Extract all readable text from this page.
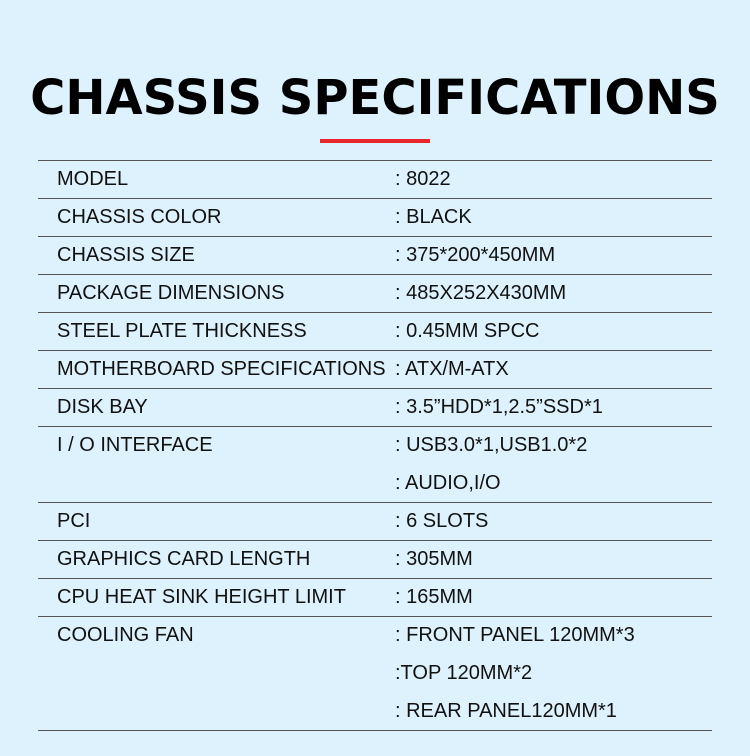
CHASSIS SPECIFICATIONS
MODEL	: 8022
CHASSIS COLOR	: BLACK
CHASSIS SIZE	: 375*200*450MM
PACKAGE DIMENSIONS	: 485X252X430MM
STEEL PLATE THICKNESS	: 0.45MM SPCC
MOTHERBOARD SPECIFICATIONS : ATX/M-ATX
DISK BAY	: 3.5”HDD*1,2.5”SSD*1
I / O INTERFACE	: USB3.0*1,USB1.0*2
: AUDIO,I/O
PCI	: 6 SLOTS
GRAPHICS CARD LENGTH	: 305MM
CPU HEAT SINK HEIGHT LIMIT	: 165MM
COOLING FAN	: FRONT PANEL 120MM*3
:TOP 120MM*2
: REAR PANEL120MM*1
